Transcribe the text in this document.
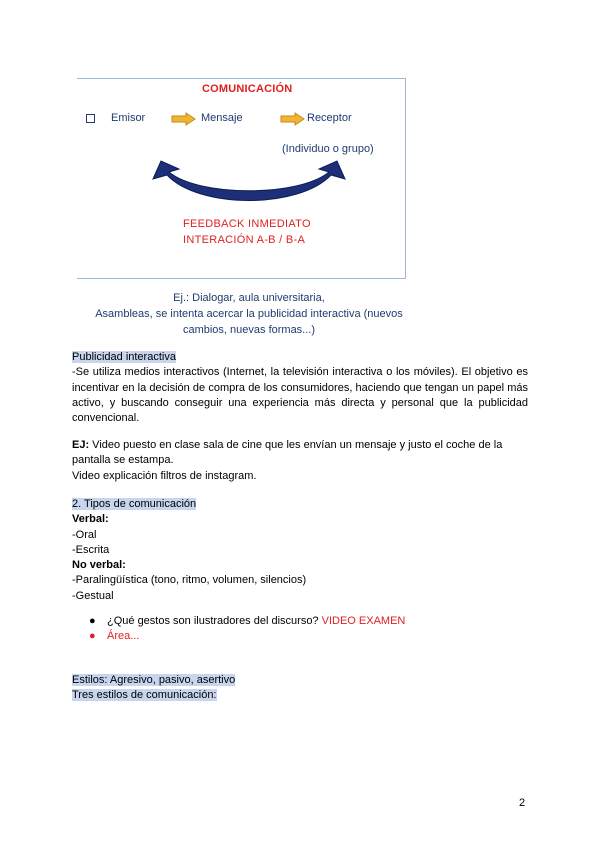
COMUNICACIÓN
Emisor	Mensaje	Receptor
(Individuo o grupo)
FEEDBACK INMEDIATO
INTERACIÓN A-B / B-A
Ej.: Dialogar, aula universitaria,
Asambleas, se intenta acercar la publicidad interactiva (nuevos
cambios, nuevas formas...)
Publicidad interactiva
-Se utiliza medios interactivos (Internet, la televisión interactiva o los móviles). El objetivo es incentivar en la decisión de compra de los consumidores, haciendo que tengan un papel más activo, y buscando conseguir una experiencia más directa y personal que la publicidad convencional.
EJ: Video puesto en clase sala de cine que les envían un mensaje y justo el coche de la pantalla se estampa.
Video explicación filtros de instagram.
2. Tipos de comunicación
Verbal:
-Oral
-Escrita
No verbal:
-Paralingüística (tono, ritmo, volumen, silencios)
-Gestual
● ¿Qué gestos son ilustradores del discurso? VIDEO EXAMEN
● Área...
Estilos: Agresivo, pasivo, asertivo
Tres estilos de comunicación:
2
